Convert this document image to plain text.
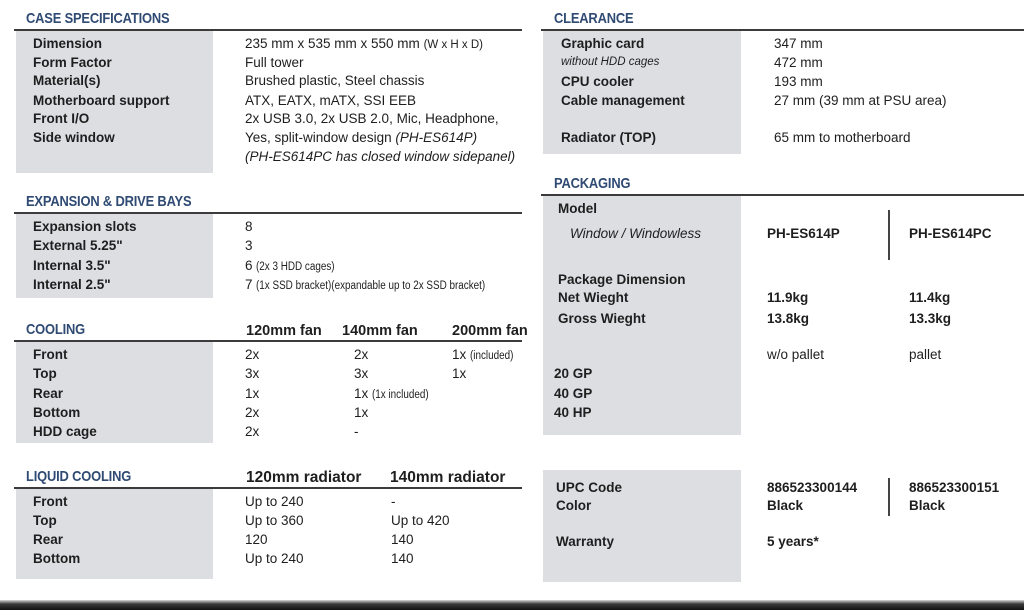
CASE SPECIFICATIONS
Dimension	235 mm x 535 mm x 550 mm (W x H x D)
Form Factor	Full tower
Material(s)	Brushed plastic, Steel chassis
Motherboard support	ATX, EATX, mATX, SSI EEB
Front I/O	2x USB 3.0, 2x USB 2.0, Mic, Headphone,
Side window	Yes, split-window design (PH-ES614P)
(PH-ES614PC has closed window sidepanel)
EXPANSION & DRIVE BAYS
Expansion slots	8
External 5.25"	3
Internal 3.5"	6 (2x 3 HDD cages)
Internal 2.5"	7 (1x SSD bracket)(expandable up to 2x SSD bracket)
COOLING	120mm fan 140mm fan 200mm fan
Front	2x	2x	1x (included)
Top	3x	3x	1x
Rear	1x	1x (1x included)
Bottom	2x	1x
HDD cage	2x	-
LIQUID COOLING	120mm radiator 140mm radiator
Front	Up to 240	-
Top	Up to 360	Up to 420
Rear	120	140
Bottom	Up to 240	140
CLEARANCE
Graphic card	347 mm
without HDD cages	472 mm
CPU cooler	193 mm
Cable management	27 mm (39 mm at PSU area)
Radiator (TOP)	65 mm to motherboard
PACKAGING
Model
Window / Windowless	PH-ES614P	PH-ES614PC
Package Dimension
Net Wieght	11.9kg	11.4kg
Gross Wieght	13.8kg	13.3kg
w/o pallet	pallet
20 GP
40 GP
40 HP
UPC Code	886523300144	886523300151
Color	Black	Black
Warranty	5 years*
